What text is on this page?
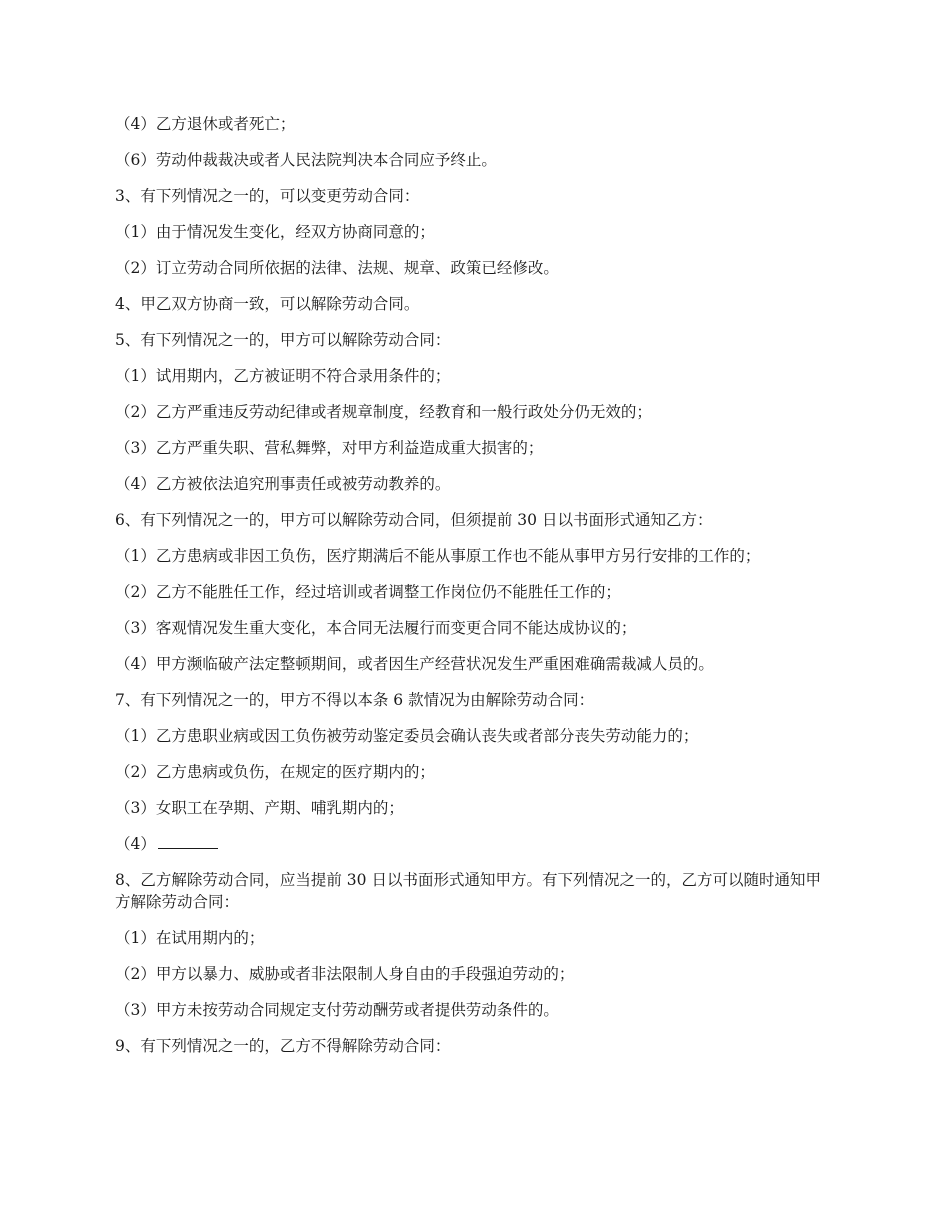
（4）乙方退休或者死亡；

（6）劳动仲裁裁决或者人民法院判决本合同应予终止。

3、有下列情况之一的，可以变更劳动合同：

（1）由于情况发生变化，经双方协商同意的；

（2）订立劳动合同所依据的法律、法规、规章、政策已经修改。

4、甲乙双方协商一致，可以解除劳动合同。

5、有下列情况之一的，甲方可以解除劳动合同：

（1）试用期内，乙方被证明不符合录用条件的；

（2）乙方严重违反劳动纪律或者规章制度，经教育和一般行政处分仍无效的；

（3）乙方严重失职、营私舞弊，对甲方利益造成重大损害的；

（4）乙方被依法追究刑事责任或被劳动教养的。

6、有下列情况之一的，甲方可以解除劳动合同，但须提前 30 日以书面形式通知乙方：

（1）乙方患病或非因工负伤，医疗期满后不能从事原工作也不能从事甲方另行安排的工作的；

（2）乙方不能胜任工作，经过培训或者调整工作岗位仍不能胜任工作的；

（3）客观情况发生重大变化，本合同无法履行而变更合同不能达成协议的；

（4）甲方濒临破产法定整顿期间，或者因生产经营状况发生严重困难确需裁减人员的。

7、有下列情况之一的，甲方不得以本条 6 款情况为由解除劳动合同：

（1）乙方患职业病或因工负伤被劳动鉴定委员会确认丧失或者部分丧失劳动能力的；

（2）乙方患病或负伤，在规定的医疗期内的；

（3）女职工在孕期、产期、哺乳期内的；

（4）

8、乙方解除劳动合同，应当提前 30 日以书面形式通知甲方。有下列情况之一的，乙方可以随时通知甲方解除劳动合同：

（1）在试用期内的；

（2）甲方以暴力、威胁或者非法限制人身自由的手段强迫劳动的；

（3）甲方未按劳动合同规定支付劳动酬劳或者提供劳动条件的。

9、有下列情况之一的，乙方不得解除劳动合同：
